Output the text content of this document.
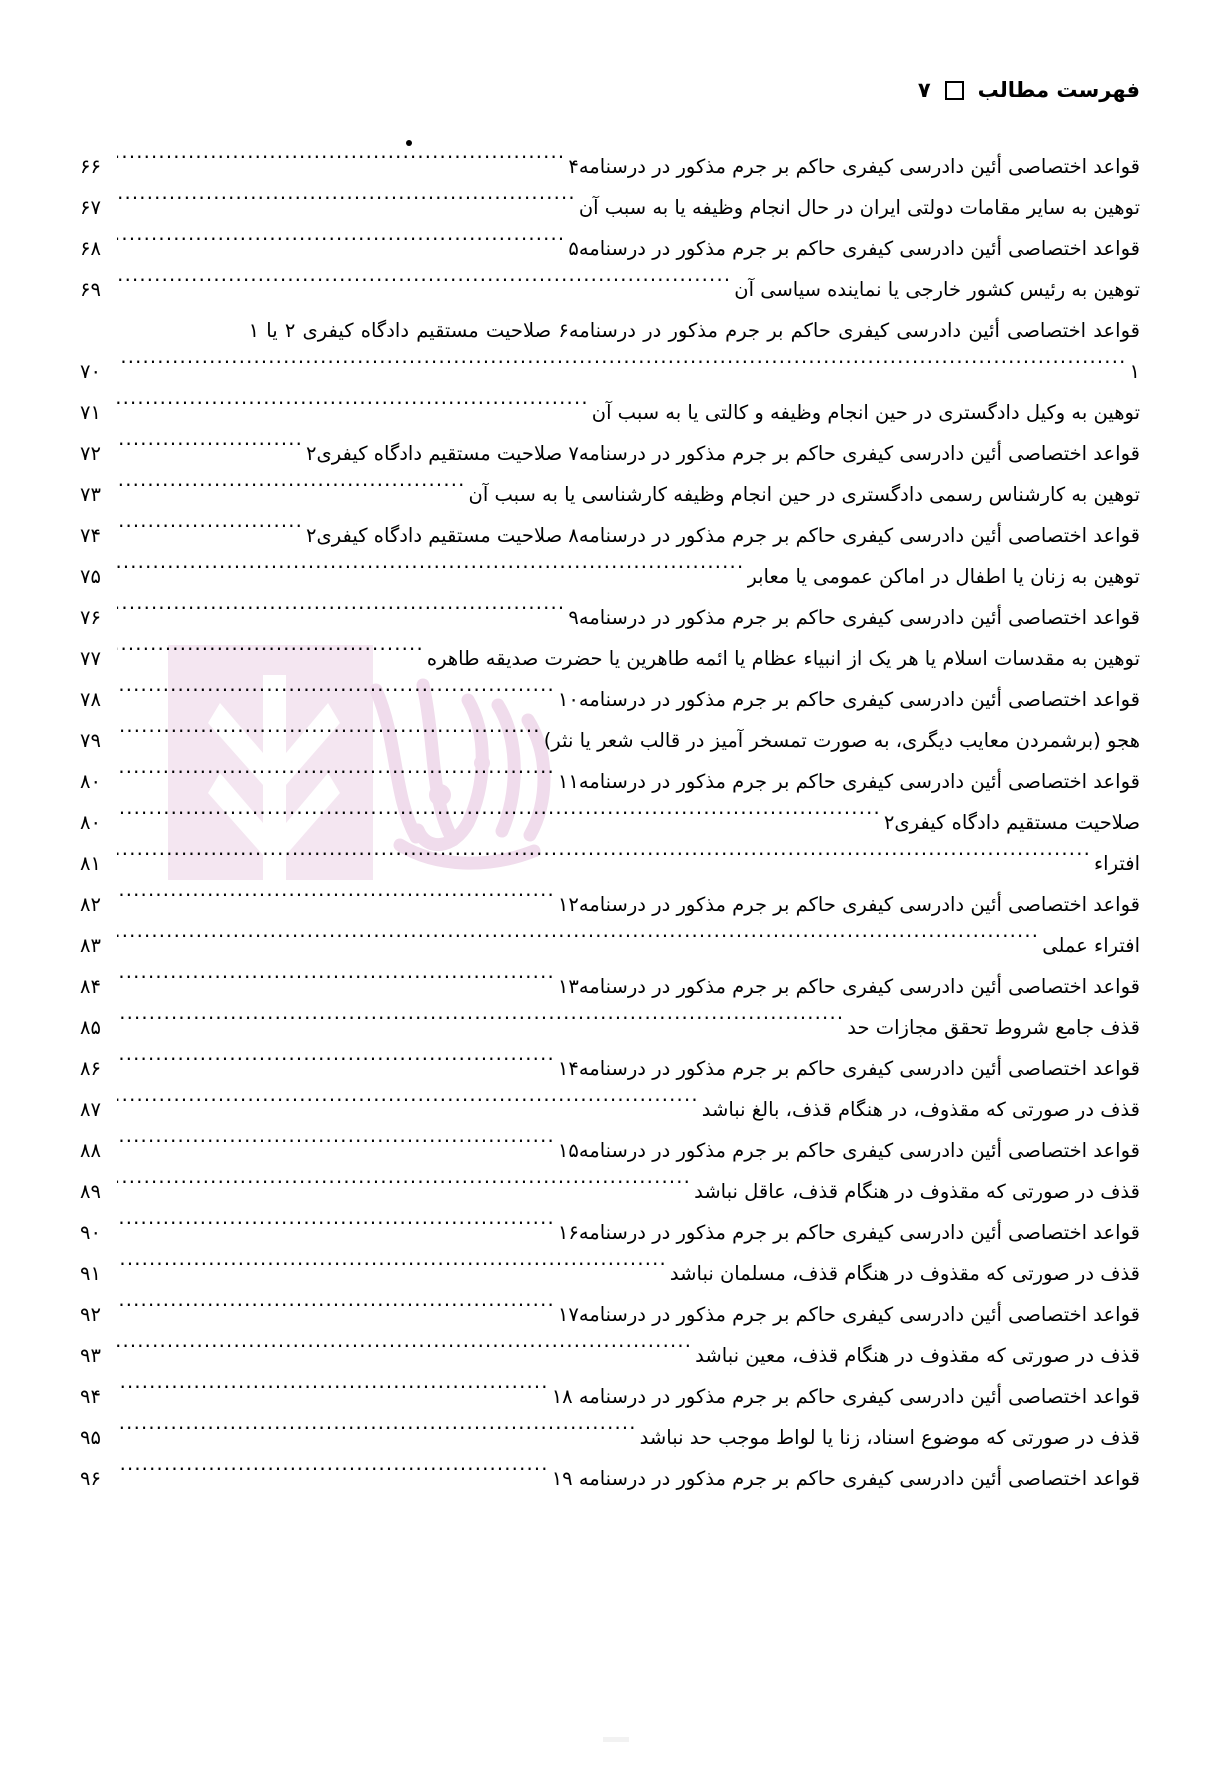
فهرست مطالب
۷
قواعد اختصاصی أئین دادرسی کیفری حاکم بر جرم مذکور در درسنامه۴
.....
۶۶
توهین به سایر مقامات دولتی ایران در حال انجام وظیفه یا به سبب آن
.....
۶۷
قواعد اختصاصی أئین دادرسی کیفری حاکم بر جرم مذکور در درسنامه۵
.....
۶۸
توهین به رئیس کشور خارجی یا نماینده سیاسی آن
.....
۶۹
قواعد اختصاصی أئین دادرسی کیفری حاکم بر جرم مذکور در درسنامه۶ صلاحیت مستقیم دادگاه کیفری ۲ یا ۱
۱
.....
۷۰
توهین به وکیل دادگستری در حین انجام وظیفه و کالتی یا به سبب آن
.....
۷۱
قواعد اختصاصی أئین دادرسی کیفری حاکم بر جرم مذکور در درسنامه۷ صلاحیت مستقیم دادگاه کیفری۲
.....
۷۲
توهین به کارشناس رسمی دادگستری در حین انجام وظیفه کارشناسی یا به سبب آن
.....
۷۳
قواعد اختصاصی أئین دادرسی کیفری حاکم بر جرم مذکور در درسنامه۸ صلاحیت مستقیم دادگاه کیفری۲
.....
۷۴
توهین به زنان یا اطفال در اماکن عمومی یا معابر
.....
۷۵
قواعد اختصاصی أئین دادرسی کیفری حاکم بر جرم مذکور در درسنامه۹
.....
۷۶
توهین به مقدسات اسلام یا هر یک از انبیاء عظام یا ائمه طاهرین یا حضرت صدیقه طاهره
.....
۷۷
قواعد اختصاصی أئین دادرسی کیفری حاکم بر جرم مذکور در درسنامه۱۰
.....
۷۸
هجو (برشمردن معایب دیگری، به صورت تمسخر آمیز در قالب شعر یا نثر)
.....
۷۹
قواعد اختصاصی أئین دادرسی کیفری حاکم بر جرم مذکور در درسنامه۱۱
.....
۸۰
صلاحیت مستقیم دادگاه کیفری۲
.....
۸۰
افتراء
.....
۸۱
قواعد اختصاصی أئین دادرسی کیفری حاکم بر جرم مذکور در درسنامه۱۲
.....
۸۲
افتراء عملی
.....
۸۳
قواعد اختصاصی أئین دادرسی کیفری حاکم بر جرم مذکور در درسنامه۱۳
.....
۸۴
قذف جامع شروط تحقق مجازات حد
.....
۸۵
قواعد اختصاصی أئین دادرسی کیفری حاکم بر جرم مذکور در درسنامه۱۴
.....
۸۶
قذف در صورتی که مقذوف، در هنگام قذف، بالغ نباشد
.....
۸۷
قواعد اختصاصی أئین دادرسی کیفری حاکم بر جرم مذکور در درسنامه۱۵
.....
۸۸
قذف در صورتی که مقذوف در هنگام قذف، عاقل نباشد
.....
۸۹
قواعد اختصاصی أئین دادرسی کیفری حاکم بر جرم مذکور در درسنامه۱۶
.....
۹۰
قذف در صورتی که مقذوف در هنگام قذف، مسلمان نباشد
.....
۹۱
قواعد اختصاصی أئین دادرسی کیفری حاکم بر جرم مذکور در درسنامه۱۷
.....
۹۲
قذف در صورتی که مقذوف در هنگام قذف، معین نباشد
.....
۹۳
قواعد اختصاصی أئین دادرسی کیفری حاکم بر جرم مذکور در درسنامه ۱۸
.....
۹۴
قذف در صورتی که موضوع اسناد، زنا یا لواط موجب حد نباشد
.....
۹۵
قواعد اختصاصی أئین دادرسی کیفری حاکم بر جرم مذکور در درسنامه ۱۹
.....
۹۶
